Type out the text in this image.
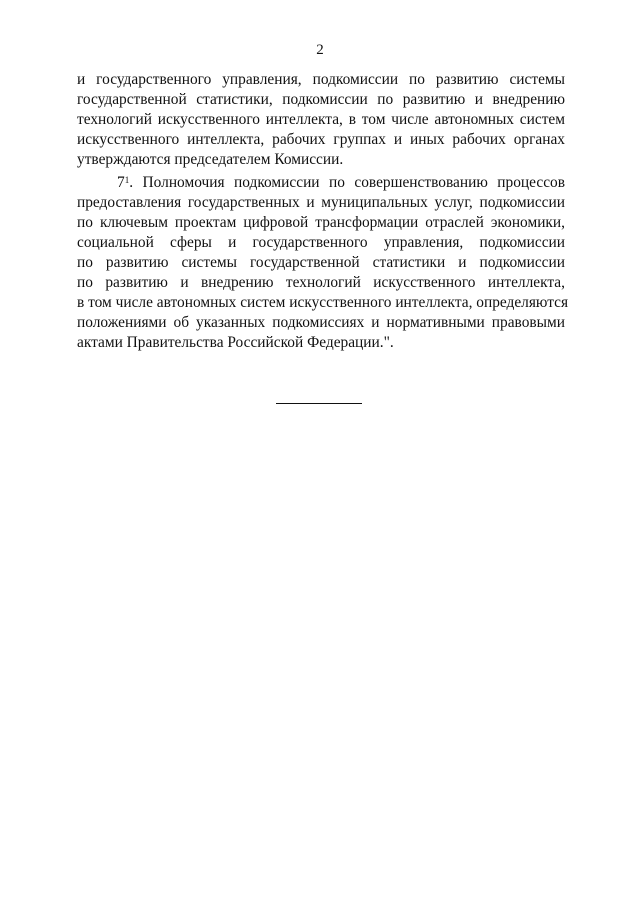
2
и государственного управления, подкомиссии по развитию системы
государственной статистики, подкомиссии по развитию и внедрению
технологий искусственного интеллекта, в том числе автономных систем
искусственного интеллекта, рабочих группах и иных рабочих органах
утверждаются председателем Комиссии.
$7^1$. Полномочия подкомиссии по совершенствованию процессов
предоставления государственных и муниципальных услуг, подкомиссии
по ключевым проектам цифровой трансформации отраслей экономики,
социальной сферы и государственного управления, подкомиссии
по развитию системы государственной статистики и подкомиссии
по развитию и внедрению технологий искусственного интеллекта,
в том числе автономных систем искусственного интеллекта, определяются
положениями об указанных подкомиссиях и нормативными правовыми
актами Правительства Российской Федерации.".
